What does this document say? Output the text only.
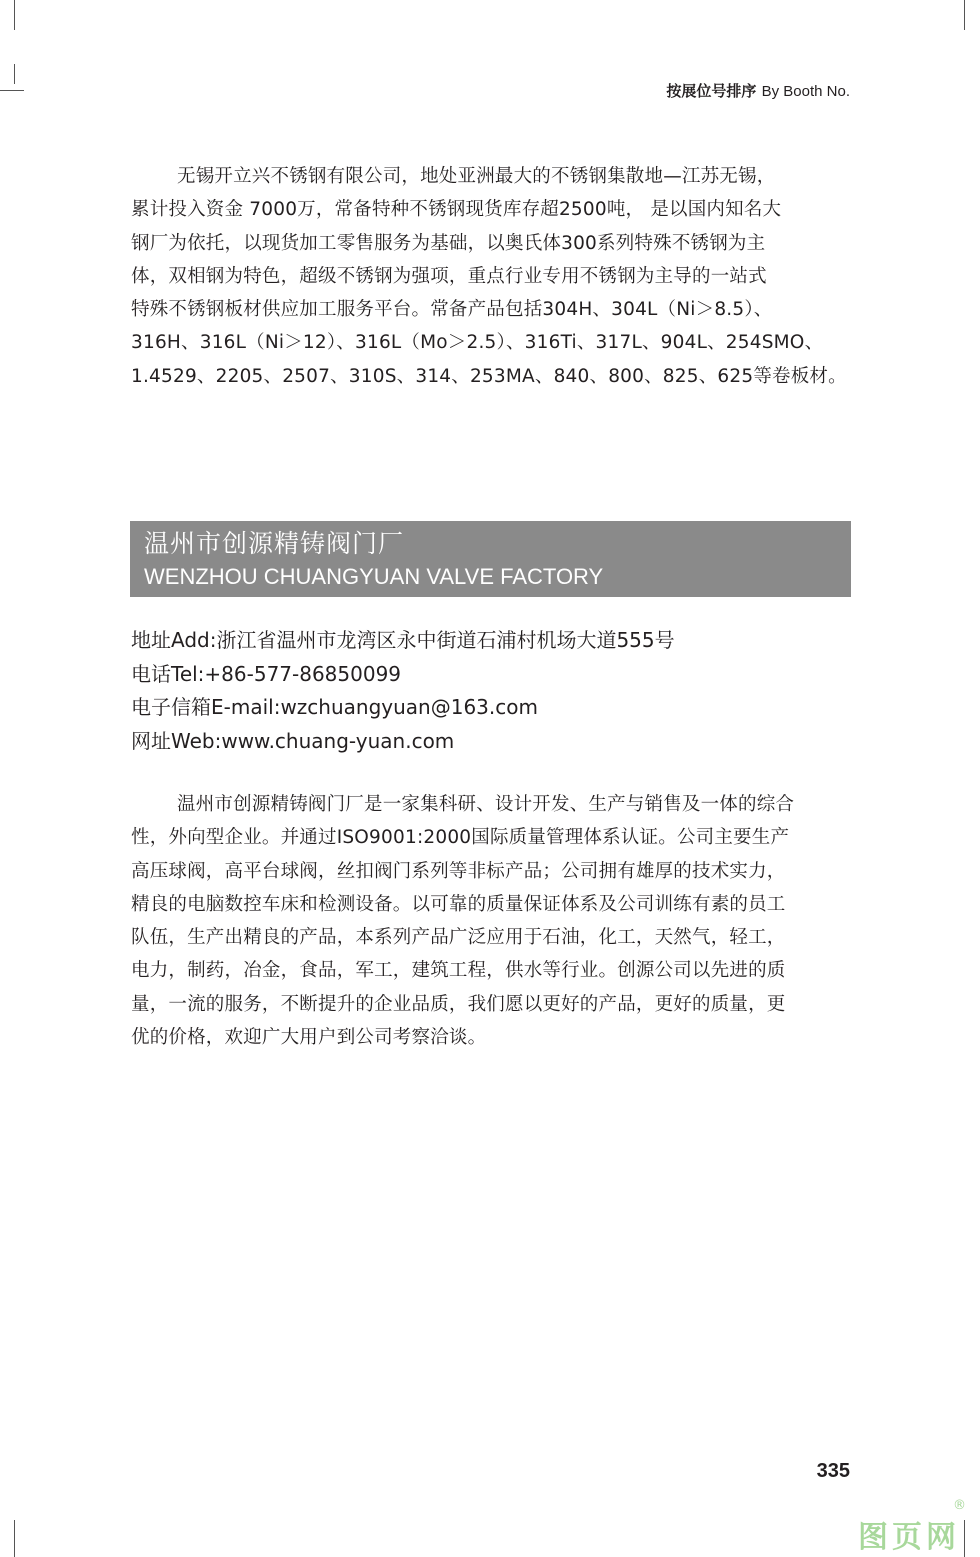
按展位号排序 By Booth No.

无锡开立兴不锈钢有限公司，地处亚洲最大的不锈钢集散地—江苏无锡，
累计投入资金 7000万，常备特种不锈钢现货库存超2500吨， 是以国内知名大
钢厂为依托，以现货加工零售服务为基础，以奥氏体300系列特殊不锈钢为主
体，双相钢为特色，超级不锈钢为强项，重点行业专用不锈钢为主导的一站式
特殊不锈钢板材供应加工服务平台。常备产品包括304H、304L（Ni＞8.5）、
316H、316L（Ni＞12）、316L（Mo＞2.5）、316Ti、317L、904L、254SMO、
1.4529、2205、2507、310S、314、253MA、840、800、825、625等卷板材。

温州市创源精铸阀门厂
WENZHOU CHUANGYUAN VALVE FACTORY
地址Add:浙江省温州市龙湾区永中街道石浦村机场大道555号
电话Tel:+86-577-86850099
电子信箱E-mail:wzchuangyuan@163.com
网址Web:www.chuang-yuan.com

温州市创源精铸阀门厂是一家集科研、设计开发、生产与销售及一体的综合
性，外向型企业。并通过ISO9001:2000国际质量管理体系认证。公司主要生产
高压球阀，高平台球阀，丝扣阀门系列等非标产品；公司拥有雄厚的技术实力，
精良的电脑数控车床和检测设备。以可靠的质量保证体系及公司训练有素的员工
队伍，生产出精良的产品，本系列产品广泛应用于石油，化工，天然气，轻工，
电力，制药，冶金，食品，军工，建筑工程，供水等行业。创源公司以先进的质
量，一流的服务，不断提升的企业品质，我们愿以更好的产品，更好的质量，更
优的价格，欢迎广大用户到公司考察洽谈。

335
图页网
®
